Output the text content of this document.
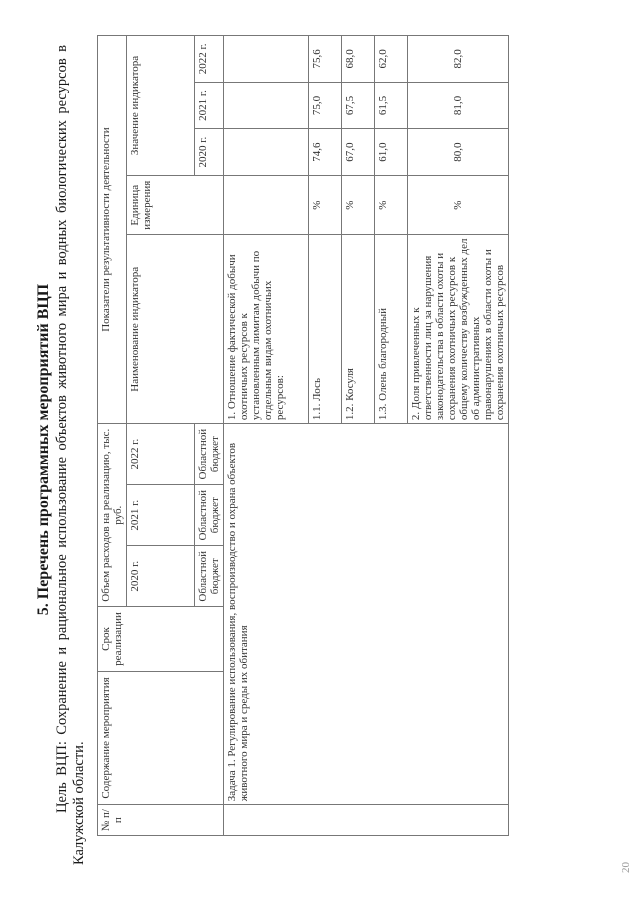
5. Перечень программных мероприятий ВЦП Цель ВЦП: Сохранение и рациональное использование объектов животного мира и водных биологических ресурсов в Калужской области. № п/п	Содержание мероприятия	Срок реализации	Объем расходов на реализацию, тыс. руб.			Показатели результативности деятельности				
			2020 г.	2021 г.	2022 г.	Наименование индикатора	Единица измерения	Значение индикатора		
			Областной бюджет	Областной бюджет	Областной бюджет			2020 г.	2021 г.	2022 г.
	Задача 1. Регулирование использования, воспроизводство и охрана объектов животного мира и среды их обитания					1. Отношение фактической добычи охотничьих ресурсов к установленным лимитам добычи по отдельным видам охотничьих ресурсов:				
						1.1. Лось	%	74,6	75,0	75,6
						1.2. Косуля	%	67,0	67,5	68,0
						1.3. Олень благородный	%	61,0	61,5	62,0
						2. Доля привлеченных к ответственности лиц за нарушения законодательства в области охоты и сохранения охотничьих ресурсов к общему количеству возбужденных дел об административных правонарушениях в области охоты и сохранения охотничьих ресурсов	%	80,0	81,0	82,0
20
